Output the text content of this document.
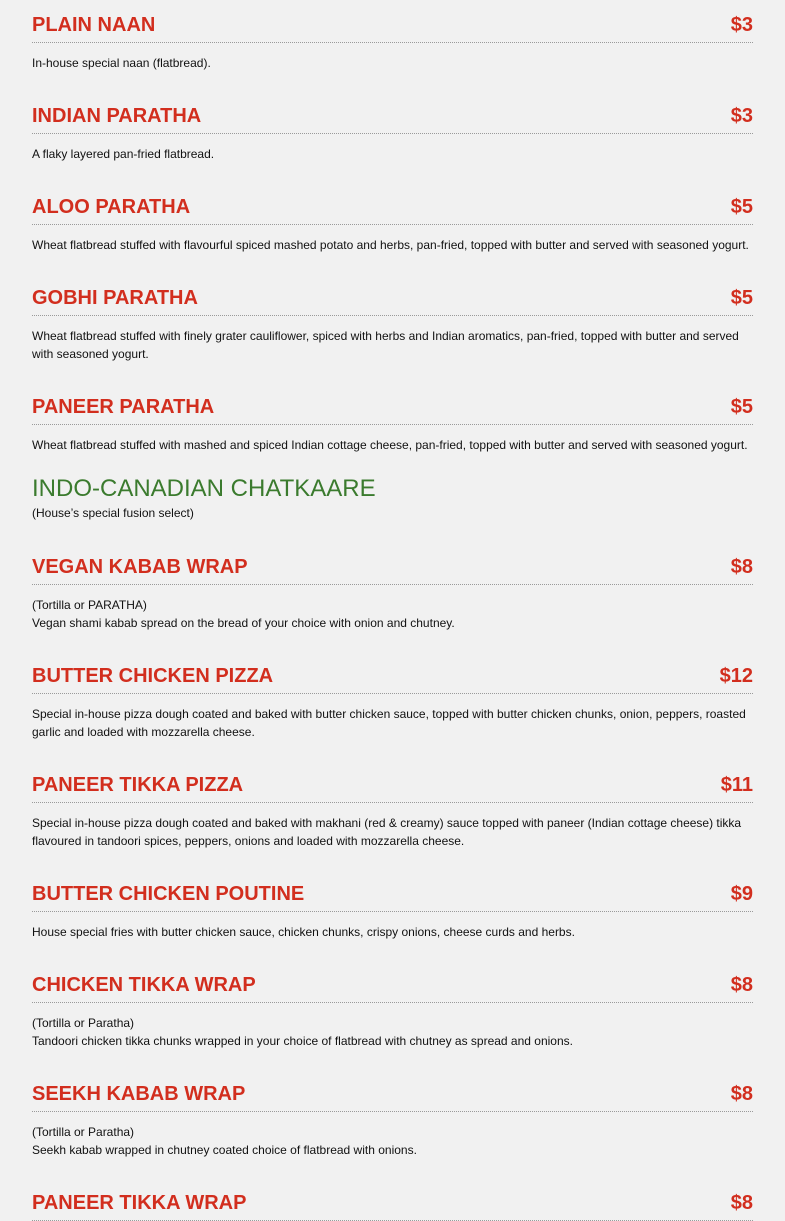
PLAIN NAAN	$3
In-house special naan (flatbread).
INDIAN PARATHA	$3
A flaky layered pan-fried flatbread.
ALOO PARATHA	$5
Wheat flatbread stuffed with flavourful spiced mashed potato and herbs, pan-fried, topped with butter and served with seasoned yogurt.
GOBHI PARATHA	$5
Wheat flatbread stuffed with finely grater cauliflower, spiced with herbs and Indian aromatics, pan-fried, topped with butter and served with seasoned yogurt.
PANEER PARATHA	$5
Wheat flatbread stuffed with mashed and spiced Indian cottage cheese, pan-fried, topped with butter and served with seasoned yogurt.
INDO-CANADIAN CHATKAARE
(House’s special fusion select)
VEGAN KABAB WRAP	$8
(Tortilla or PARATHA)
Vegan shami kabab spread on the bread of your choice with onion and chutney.
BUTTER CHICKEN PIZZA	$12
Special in-house pizza dough coated and baked with butter chicken sauce, topped with butter chicken chunks, onion, peppers, roasted garlic and loaded with mozzarella cheese.
PANEER TIKKA PIZZA	$11
Special in-house pizza dough coated and baked with makhani (red & creamy) sauce topped with paneer (Indian cottage cheese) tikka flavoured in tandoori spices, peppers, onions and loaded with mozzarella cheese.
BUTTER CHICKEN POUTINE	$9
House special fries with butter chicken sauce, chicken chunks, crispy onions, cheese curds and herbs.
CHICKEN TIKKA WRAP	$8
(Tortilla or Paratha)
Tandoori chicken tikka chunks wrapped in your choice of flatbread with chutney as spread and onions.
SEEKH KABAB WRAP	$8
(Tortilla or Paratha)
Seekh kabab wrapped in chutney coated choice of flatbread with onions.
PANEER TIKKA WRAP	$8
